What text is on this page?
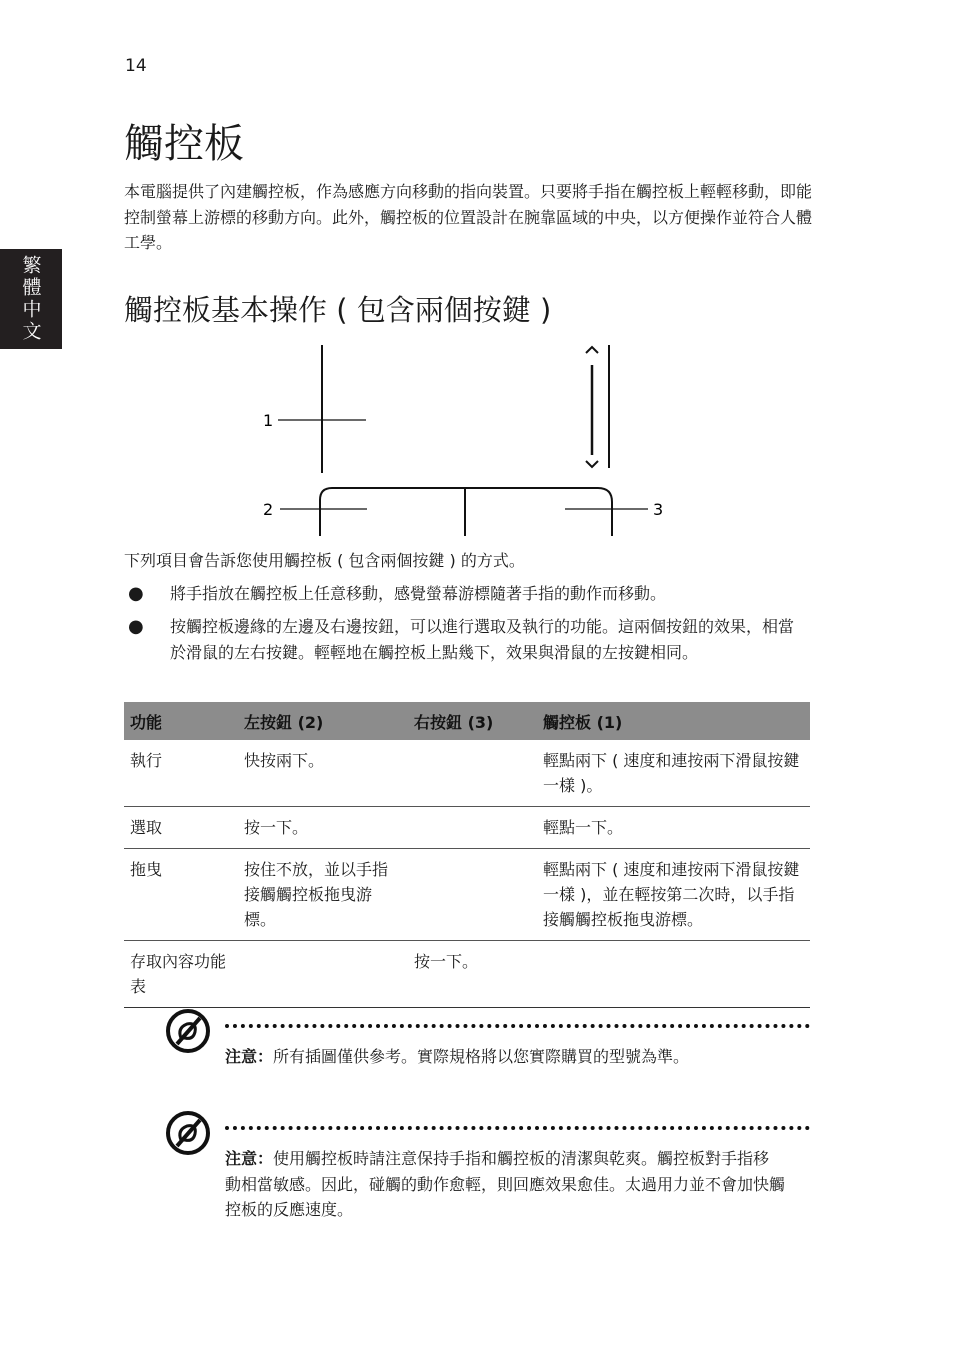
14
繁體中文
觸控板

本電腦提供了內建觸控板，作為感應方向移動的指向裝置。只要將手指在觸控板上輕輕移動，即能控制螢幕上游標的移動方向。此外，觸控板的位置設計在腕靠區域的中央，以方便操作並符合人體工學。

觸控板基本操作 ( 包含兩個按鍵 )
1
2	3

下列項目會告訴您使用觸控板 ( 包含兩個按鍵 ) 的方式。

●	將手指放在觸控板上任意移動，感覺螢幕游標隨著手指的動作而移動。
●	按觸控板邊緣的左邊及右邊按鈕，可以進行選取及執行的功能。這兩個按鈕的效果，相當於滑鼠的左右按鍵。輕輕地在觸控板上點幾下，效果與滑鼠的左按鍵相同。
功能	左按鈕 (2)	右按鈕 (3)	觸控板 (1)
執行	快按兩下。		輕點兩下 ( 速度和連按兩下滑鼠按鍵一樣 )。
選取	按一下。		輕點一下。
拖曳	按住不放，並以手指接觸觸控板拖曳游標。		輕點兩下 ( 速度和連按兩下滑鼠按鍵一樣 )，並在輕按第二次時，以手指接觸觸控板拖曳游標。
存取內容功能表		按一下。	
注意：所有插圖僅供參考。實際規格將以您實際購買的型號為準。
注意：使用觸控板時請注意保持手指和觸控板的清潔與乾爽。觸控板對手指移動相當敏感。因此，碰觸的動作愈輕，則回應效果愈佳。太過用力並不會加快觸控板的反應速度。
